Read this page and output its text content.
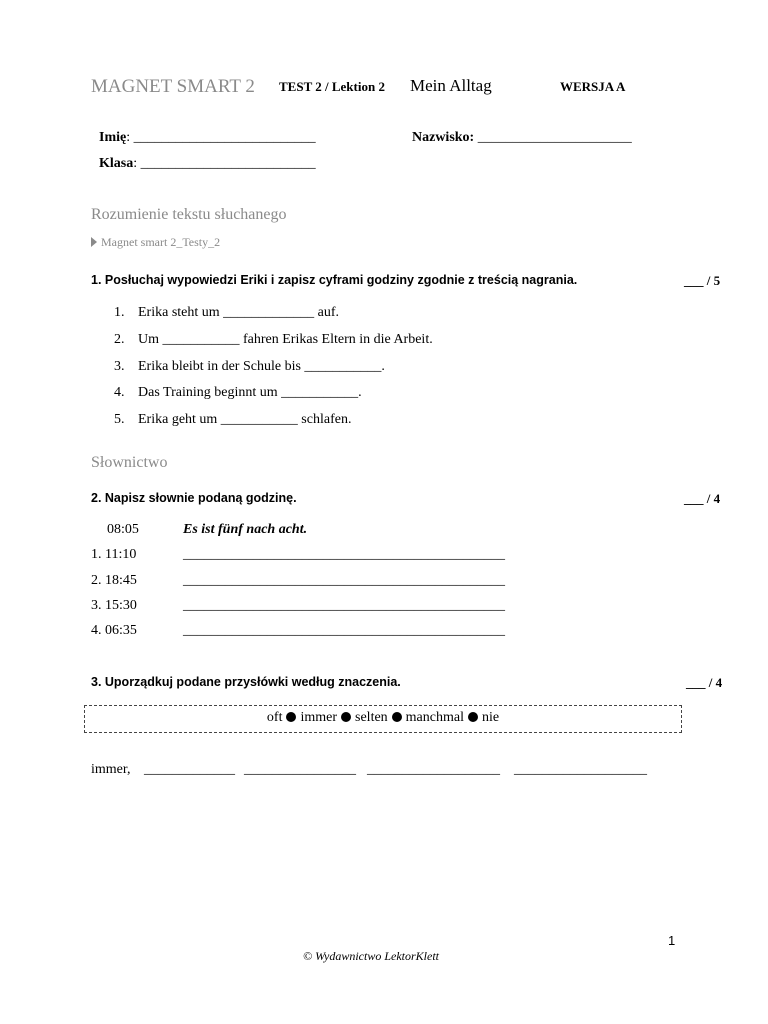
MAGNET SMART 2 TEST 2 / Lektion 2 Mein Alltag	WERSJA A
Imię: __________________________	Nazwisko: ______________________
Klasa: _________________________
Rozumienie tekstu słuchanego
Magnet smart 2_Testy_2
1. Posłuchaj wypowiedzi Eriki i zapisz cyframi godziny zgodnie z treścią nagrania.	___ / 5
1. Erika steht um _____________ auf.
2. Um ___________ fahren Erikas Eltern in die Arbeit.
3. Erika bleibt in der Schule bis ___________.
4. Das Training beginnt um ___________.
5. Erika geht um ___________ schlafen.
Słownictwo
2. Napisz słownie podaną godzinę.	___ / 4
08:05	Es ist fünf nach acht.
1. 11:10	______________________________________________
2. 18:45	______________________________________________
3. 15:30	______________________________________________
4. 06:35	______________________________________________
3. Uporządkuj podane przysłówki według znaczenia.	___ / 4
oft immer selten manchmal nie
immer, _____________ ________________ ___________________ ___________________
1
© Wydawnictwo LektorKlett
